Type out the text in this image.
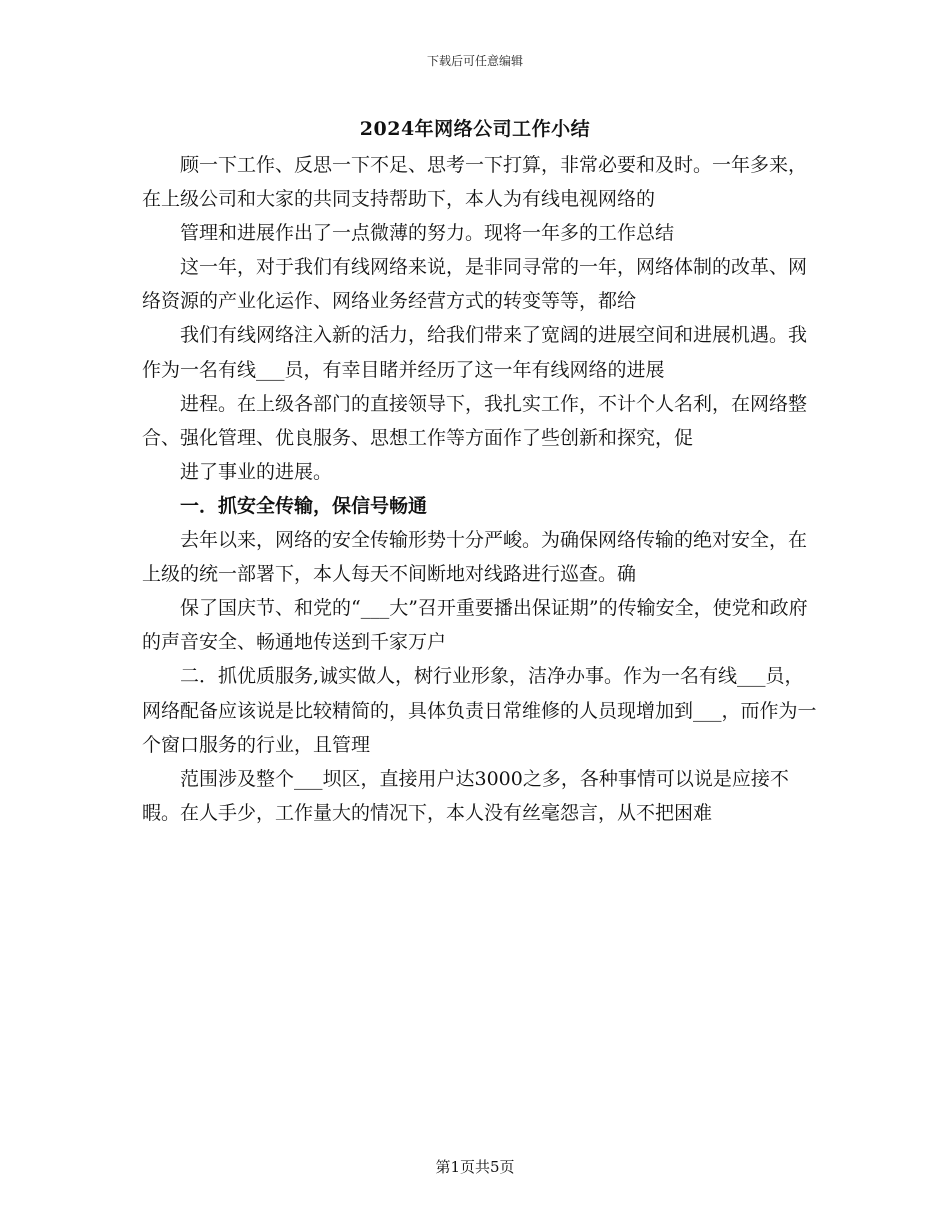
下载后可任意编辑
2024年网络公司工作小结

顾一下工作、反思一下不足、思考一下打算，非常必要和及时。一年多来，在上级公司和大家的共同支持帮助下，本人为有线电视网络的

管理和进展作出了一点微薄的努力。现将一年多的工作总结

这一年，对于我们有线网络来说，是非同寻常的一年，网络体制的改革、网络资源的产业化运作、网络业务经营方式的转变等等，都给

我们有线网络注入新的活力，给我们带来了宽阔的进展空间和进展机遇。我作为一名有线___员，有幸目睹并经历了这一年有线网络的进展

进程。在上级各部门的直接领导下，我扎实工作，不计个人名利，在网络整合、强化管理、优良服务、思想工作等方面作了些创新和探究，促

进了事业的进展。

一．抓安全传输，保信号畅通

去年以来，网络的安全传输形势十分严峻。为确保网络传输的绝对安全，在上级的统一部署下，本人每天不间断地对线路进行巡查。确

保了国庆节、和党的“___大”召开重要播出保证期”的传输安全，使党和政府的声音安全、畅通地传送到千家万户

二．抓优质服务,诚实做人，树行业形象，洁净办事。作为一名有线___员，网络配备应该说是比较精简的，具体负责日常维修的人员现增加到___，而作为一个窗口服务的行业，且管理

范围涉及整个___坝区，直接用户达3000之多，各种事情可以说是应接不暇。在人手少，工作量大的情况下，本人没有丝毫怨言，从不把困难

第1页共5页
